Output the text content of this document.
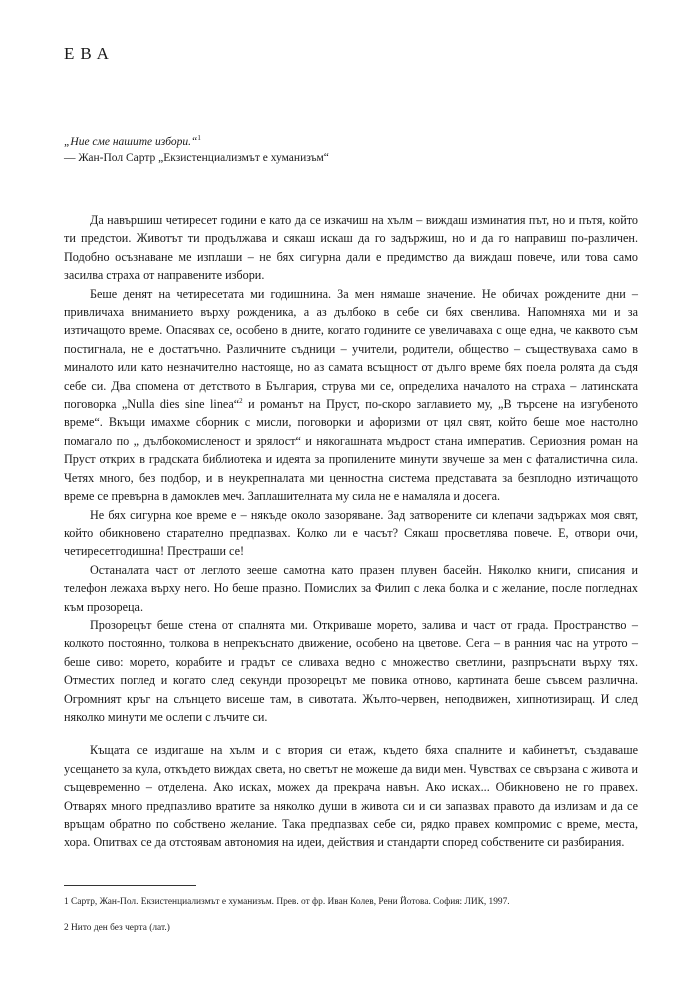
ЕВА
„Ние сме нашите избори.“$^1$
— Жан-Пол Сартр „Екзистенциализмът е хуманизъм“

Да навършиш четиресет години е като да се изкачиш на хълм – виждаш изминатия път, но и пътя, който ти предстои. Животът ти продължава и сякаш искаш да го задържиш, но и да го направиш по-различен. Подобно осъзнаване ме изплаши – не бях сигурна дали е предимство да виждаш повече, или това само засилва страха от направените избори.

Беше денят на четиресетата ми годишнина. За мен нямаше значение. Не обичах рождените дни – привличаха вниманието върху рожденика, а аз дълбоко в себе си бях свенлива. Напомняха ми и за изтичащото време. Опасявах се, особено в дните, когато годините се увеличаваха с още една, че каквото съм постигнала, не е достатъчно. Различните съдници – учители, родители, общество – съществуваха само в миналото или като незначително настояще, но аз самата всъщност от дълго време бях поела ролята да съдя себе си. Два спомена от детството в България, струва ми се, определиха началото на страха – латинската поговорка „Nulla dies sine linea“$^2$ и романът на Пруст, по-скоро заглавието му, „В търсене на изгубеното време“. Вкъщи имахме сборник с мисли, поговорки и афоризми от цял свят, който беше мое настолно помагало по „ дълбокомисленост и зрялост“ и някогашната мъдрост стана императив. Сериозния роман на Пруст открих в градската библиотека и идеята за пропилените минути звучеше за мен с фаталистична сила. Четях много, без подбор, и в неукрепналата ми ценностна система представата за безплодно изтичащото време се превърна в дамоклев меч. Заплашителната му сила не е намаляла и досега.

Не бях сигурна кое време е – някъде около зазоряване. Зад затворените си клепачи задържах моя свят, който обикновено старателно предпазвах. Колко ли е часът? Сякаш просветлява повече. Е, отвори очи, четиресетгодишна! Престраши се!

Останалата част от леглото зееше самотна като празен плувен басейн. Няколко книги, списания и телефон лежаха върху него. Но беше празно. Помислих за Филип с лека болка и с желание, после погледнах към прозореца.

Прозорецът беше стена от спалнята ми. Откриваше морето, залива и част от града. Пространство – колкото постоянно, толкова в непрекъснато движение, особено на цветове. Сега – в ранния час на утрото – беше сиво: морето, корабите и градът се сливаха ведно с множество светлини, разпръснати върху тях. Отместих поглед и когато след секунди прозорецът ме повика отново, картината беше съвсем различна. Огромният кръг на слънцето висеше там, в сивотата. Жълто-червен, неподвижен, хипнотизиращ. И след няколко минути ме ослепи с лъчите си.

Къщата се издигаше на хълм и с втория си етаж, където бяха спалните и кабинетът, създаваше усещането за кула, откъдето виждах света, но светът не можеше да види мен. Чувствах се свързана с живота и същевременно – отделена. Ако исках, можех да прекрача навън. Ако исках... Обикновено не го правех. Отварях много предпазливо вратите за няколко души в живота си и си запазвах правото да излизам и да се връщам обратно по собствено желание. Така предпазвах себе си, рядко правех компромис с време, места, хора. Опитвах се да отстоявам автономия на идеи, действия и стандарти според собствените си разбирания.

1 Сартр, Жан-Пол. Екзистенциализмът е хуманизъм. Прев. от фр. Иван Колев, Рени Йотова. София: ЛИК, 1997.
2 Нито ден без черта (лат.)
